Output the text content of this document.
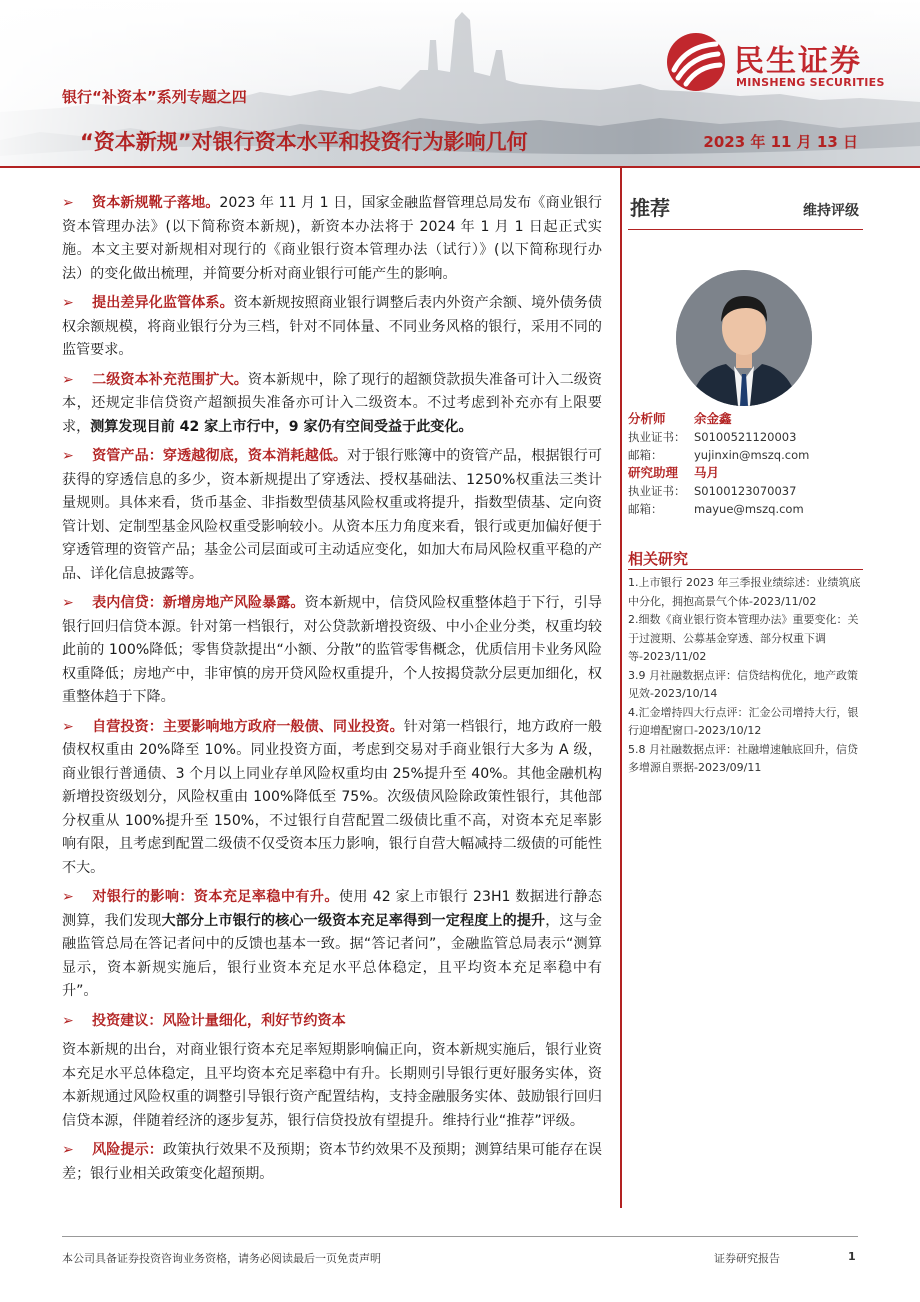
民生证券
MINSHENG SECURITIES
银行“补资本”系列专题之四
“资本新规”对银行资本水平和投资行为影响几何	2023 年 11 月 13 日

➢ 资本新规靴子落地。2023 年 11 月 1 日，国家金融监督管理总局发布《商业银行资本管理办法》(以下简称资本新规)，新资本办法将于 2024 年 1 月 1 日起正式实施。本文主要对新规相对现行的《商业银行资本管理办法（试行）》(以下简称现行办法）的变化做出梳理，并简要分析对商业银行可能产生的影响。

➢ 提出差异化监管体系。资本新规按照商业银行调整后表内外资产余额、境外债务债权余额规模，将商业银行分为三档，针对不同体量、不同业务风格的银行，采用不同的监管要求。

➢ 二级资本补充范围扩大。资本新规中，除了现行的超额贷款损失准备可计入二级资本，还规定非信贷资产超额损失准备亦可计入二级资本。不过考虑到补充亦有上限要求，测算发现目前 42 家上市行中，9 家仍有空间受益于此变化。

➢ 资管产品：穿透越彻底，资本消耗越低。对于银行账簿中的资管产品，根据银行可获得的穿透信息的多少，资本新规提出了穿透法、授权基础法、1250%权重法三类计量规则。具体来看，货币基金、非指数型债基风险权重或将提升，指数型债基、定向资管计划、定制型基金风险权重受影响较小。从资本压力角度来看，银行或更加偏好便于穿透管理的资管产品；基金公司层面或可主动适应变化，如加大布局风险权重平稳的产品、详化信息披露等。

➢ 表内信贷：新增房地产风险暴露。资本新规中，信贷风险权重整体趋于下行，引导银行回归信贷本源。针对第一档银行，对公贷款新增投资级、中小企业分类，权重均较此前的 100%降低；零售贷款提出“小额、分散”的监管零售概念，优质信用卡业务风险权重降低；房地产中，非审慎的房开贷风险权重提升，个人按揭贷款分层更加细化，权重整体趋于下降。

➢ 自营投资：主要影响地方政府一般债、同业投资。针对第一档银行，地方政府一般债权权重由 20%降至 10%。同业投资方面，考虑到交易对手商业银行大多为 A 级，商业银行普通债、3 个月以上同业存单风险权重均由 25%提升至 40%。其他金融机构新增投资级划分，风险权重由 100%降低至 75%。次级债风险除政策性银行，其他部分权重从 100%提升至 150%，不过银行自营配置二级债比重不高，对资本充足率影响有限，且考虑到配置二级债不仅受资本压力影响，银行自营大幅减持二级债的可能性不大。

➢ 对银行的影响：资本充足率稳中有升。使用 42 家上市银行 23H1 数据进行静态测算，我们发现大部分上市银行的核心一级资本充足率得到一定程度上的提升，这与金融监管总局在答记者问中的反馈也基本一致。据“答记者问”，金融监管总局表示“测算显示，资本新规实施后，银行业资本充足水平总体稳定，且平均资本充足率稳中有升”。

➢ 投资建议：风险计量细化，利好节约资本

资本新规的出台，对商业银行资本充足率短期影响偏正向，资本新规实施后，银行业资本充足水平总体稳定，且平均资本充足率稳中有升。长期则引导银行更好服务实体，资本新规通过风险权重的调整引导银行资产配置结构，支持金融服务实体、鼓励银行回归信贷本源，伴随着经济的逐步复苏，银行信贷投放有望提升。维持行业“推荐”评级。

➢ 风险提示：政策执行效果不及预期；资本节约效果不及预期；测算结果可能存在误差；银行业相关政策变化超预期。

推荐	维持评级
分析师	余金鑫
执业证书： S0100521120003
邮箱：	yujinxin@mszq.com
研究助理	马月
执业证书： S0100123070037
邮箱：	mayue@mszq.com
相关研究
1.上市银行 2023 年三季报业绩综述：业绩筑底中分化，拥抱高景气个体-2023/11/02
2.细数《商业银行资本管理办法》重要变化：关于过渡期、公募基金穿透、部分权重下调等-2023/11/02
3.9 月社融数据点评：信贷结构优化，地产政策见效-2023/10/14
4.汇金增持四大行点评：汇金公司增持大行，银行迎增配窗口-2023/10/12
5.8 月社融数据点评：社融增速触底回升，信贷多增源自票据-2023/09/11
本公司具备证券投资咨询业务资格，请务必阅读最后一页免责声明	证券研究报告	1
